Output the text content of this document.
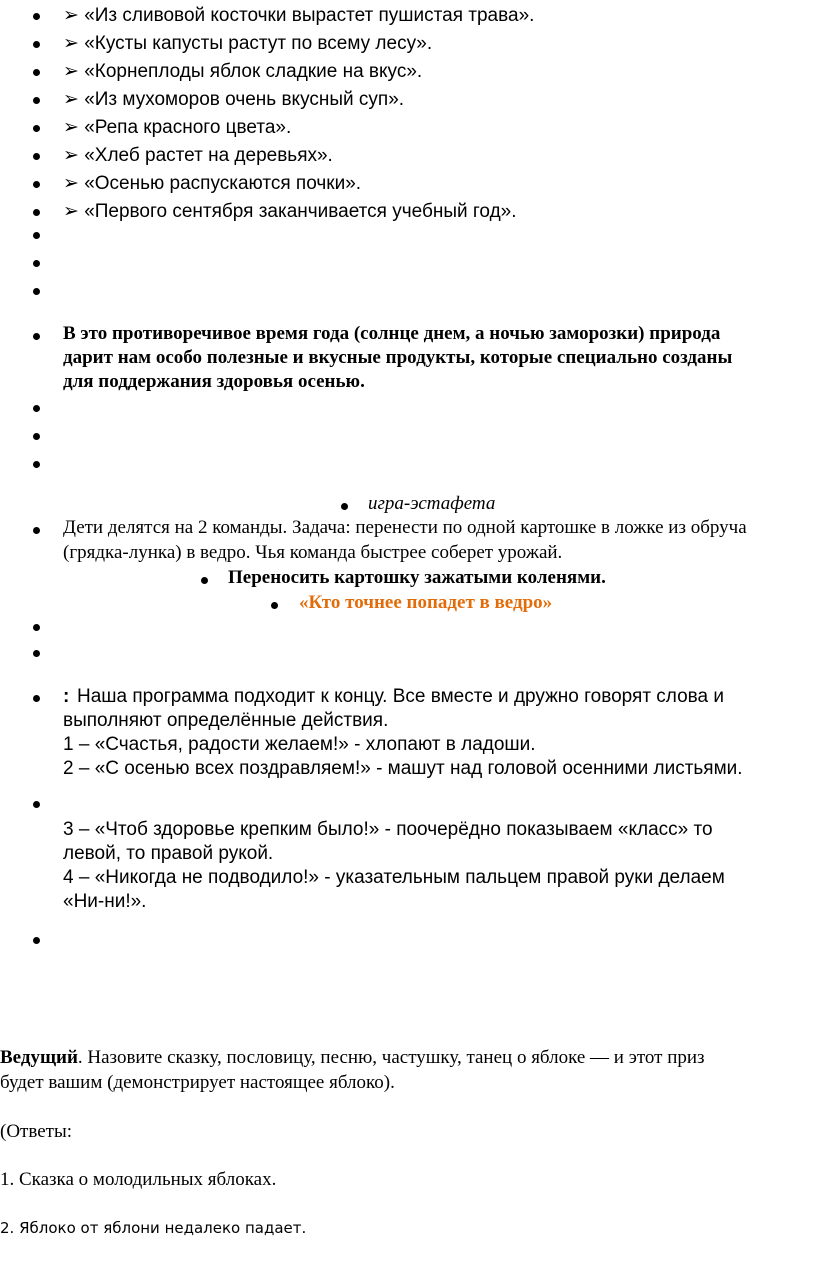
➢ «Из сливовой косточки вырастет пушистая трава».
➢ «Кусты капусты растут по всему лесу».
➢ «Корнеплоды яблок сладкие на вкус».
➢ «Из мухоморов очень вкусный суп».
➢ «Репа красного цвета».
➢ «Хлеб растет на деревьях».
➢ «Осенью распускаются почки».
➢ «Первого сентября заканчивается учебный год».
В это противоречивое время года (солнце днем, а ночью заморозки) природа
дарит нам особо полезные и вкусные продукты, которые специально созданы
для поддержания здоровья осенью.
игра-эстафета
Дети делятся на 2 команды. Задача: перенести по одной картошке в ложке из обруча
(грядка-лунка) в ведро. Чья команда быстрее соберет урожай.
Переносить картошку зажатыми коленями.
«Кто точнее попадет в ведро»
: Наша программа подходит к концу. Все вместе и дружно говорят слова и
выполняют определённые действия.
1 – «Счастья, радости желаем!» - хлопают в ладоши.
2 – «С осенью всех поздравляем!» - машут над головой осенними листьями.
3 – «Чтоб здоровье крепким было!» - поочерёдно показываем «класс» то
левой, то правой рукой.
4 – «Никогда не подводило!» - указательным пальцем правой руки делаем
«Ни-ни!».
Ведущий. Назовите сказку, пословицу, песню, частушку, танец о яблоке — и этот приз
будет вашим (демонстрирует настоящее яблоко).
(Ответы:
1. Сказка о молодильных яблоках.
2. Яблоко от яблони недалеко падает.
